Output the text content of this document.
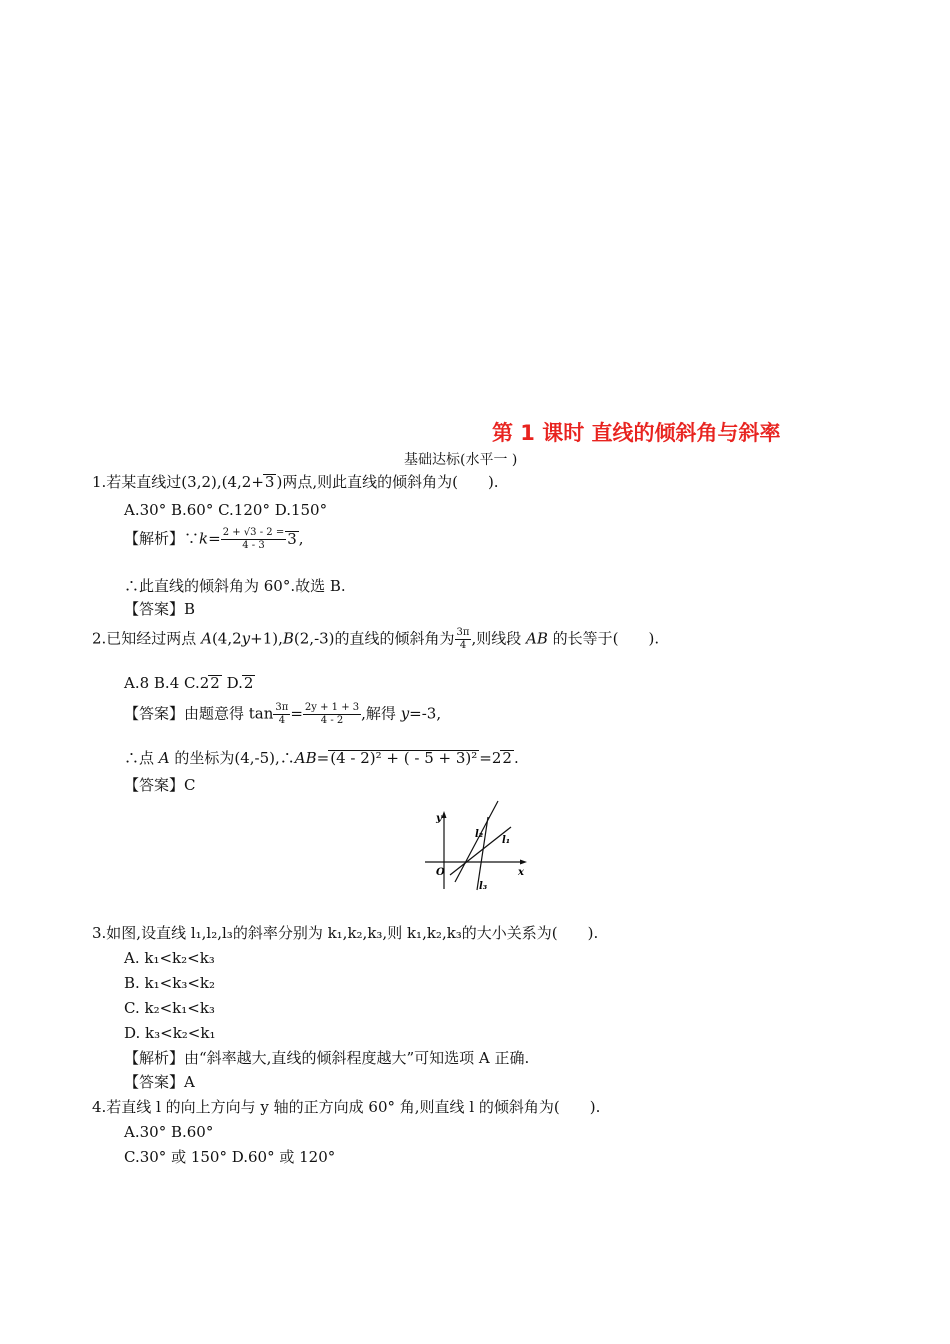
第 1 课时 直线的倾斜角与斜率
基础达标(水平一 )
1.若某直线过(3,2),(4,2+3 )两点,则此直线的倾斜角为(　　).
A.30° B.60° C.120° D.150°
【解析】∵k= $\frac{2 + √3 - 2 =}{4 - 3} 3$ ,
∴此直线的倾斜角为 60°.故选 B.
【答案】B
2.已知经过两点 A(4,2y+1),B(2,-3)的直线的倾斜角为 $\frac{3\pi}{4}$ ,则线段 AB 的长等于(　　).
A.8 B.4 C.22 D.2
【答案】由题意得 $\tan \frac{3\pi}{4} = \frac{2y + 1 + 3}{4 - 2}$ ,解得 y=-3,
∴点 A 的坐标为(4,-5),∴AB=(4 - 2)² + ( - 5 + 3)² =22 .
【答案】C
y
x
O
l₂
l₁
l₃
3.如图,设直线 l₁,l₂,l₃的斜率分别为 k₁,k₂,k₃,则 k₁,k₂,k₃的大小关系为(　　).
A. k₁<k₂<k₃
B. k₁<k₃<k₂
C. k₂<k₁<k₃
D. k₃<k₂<k₁
【解析】由“斜率越大,直线的倾斜程度越大”可知选项 A 正确.
【答案】A
4.若直线 l 的向上方向与 y 轴的正方向成 60° 角,则直线 l 的倾斜角为(　　).
A.30° B.60°
C.30° 或 150° D.60° 或 120°
